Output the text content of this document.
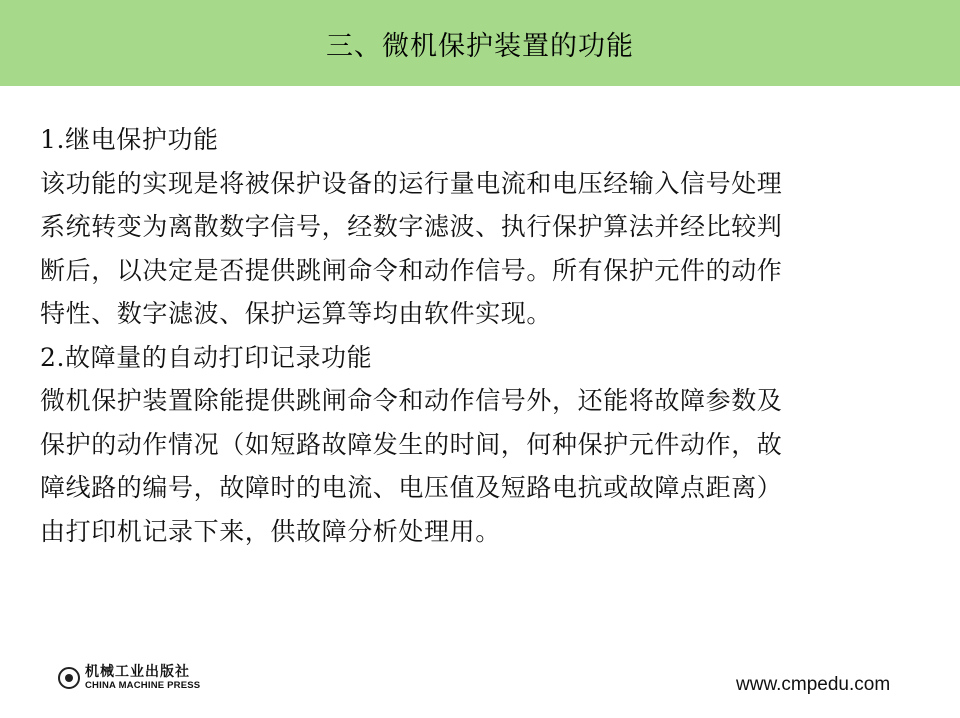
三、微机保护装置的功能
1.继电保护功能
该功能的实现是将被保护设备的运行量电流和电压经输入信号处理
系统转变为离散数字信号，经数字滤波、执行保护算法并经比较判
断后，以决定是否提供跳闸命令和动作信号。所有保护元件的动作
特性、数字滤波、保护运算等均由软件实现。
2.故障量的自动打印记录功能
微机保护装置除能提供跳闸命令和动作信号外，还能将故障参数及
保护的动作情况（如短路故障发生的时间，何种保护元件动作，故
障线路的编号，故障时的电流、电压值及短路电抗或故障点距离）
由打印机记录下来，供故障分析处理用。
机械工业出版社
CHINA MACHINE PRESS	www.cmpedu.com
